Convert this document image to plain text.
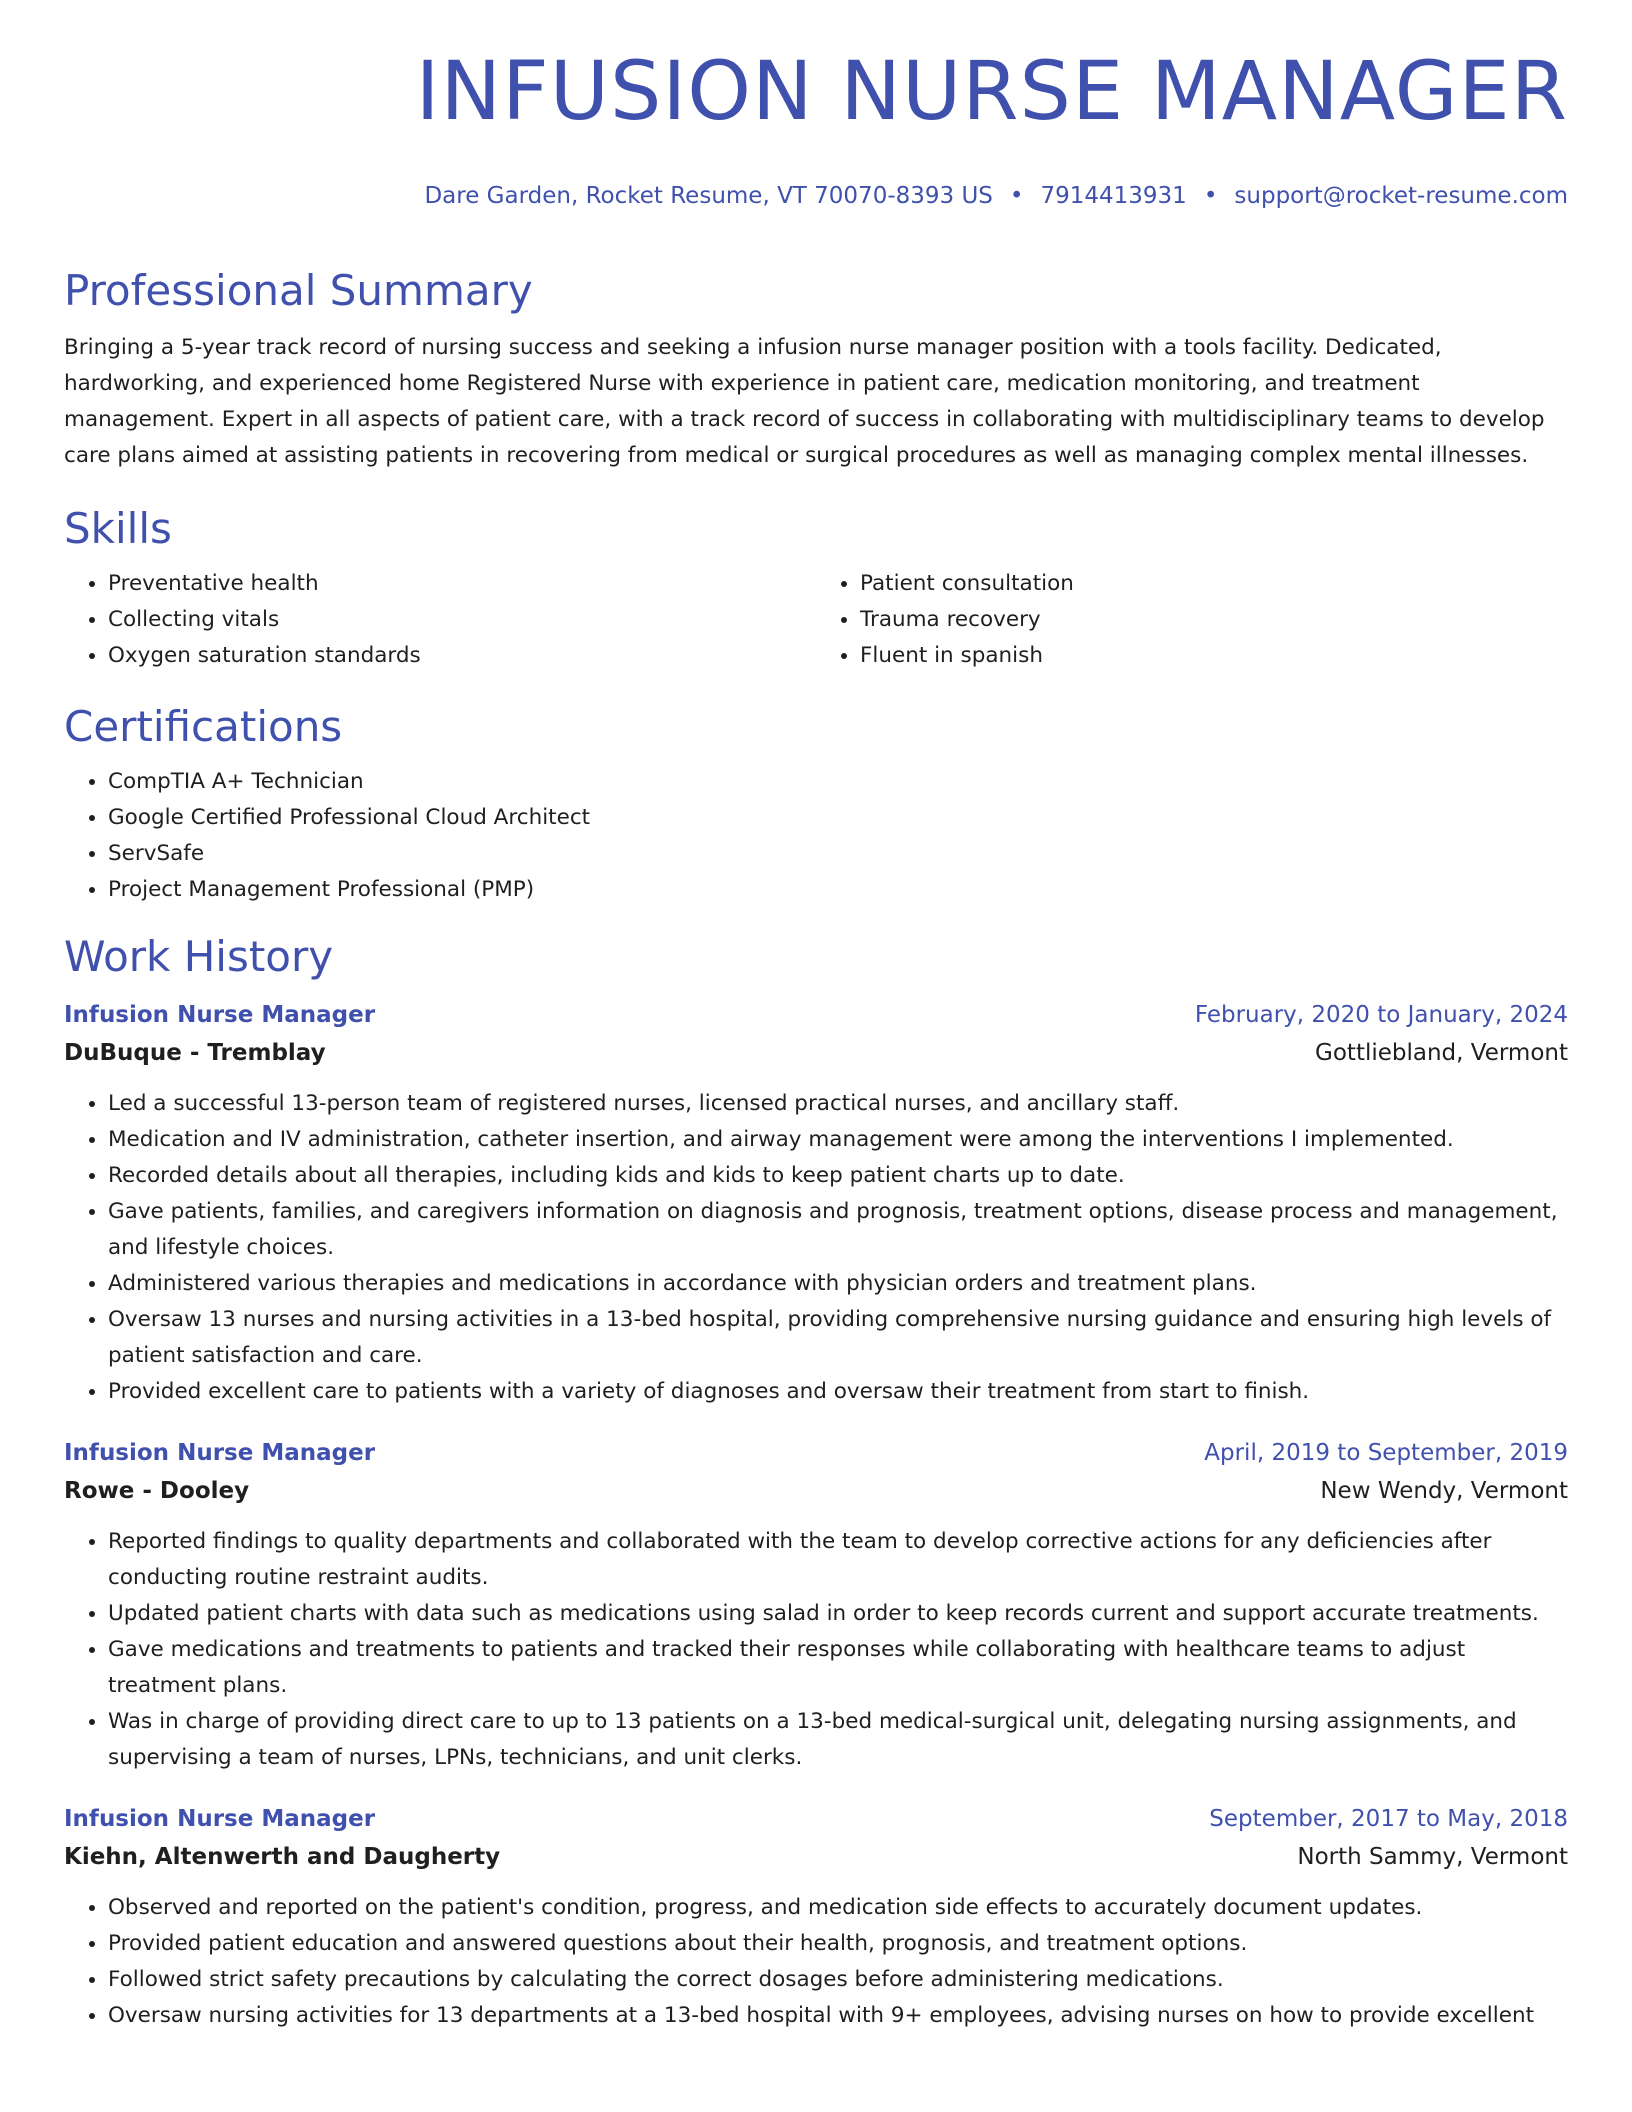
INFUSION NURSE MANAGER
Dare Garden, Rocket Resume, VT 70070-8393 US • 7914413931 • support@rocket-resume.com
Professional Summary

Bringing a 5-year track record of nursing success and seeking a infusion nurse manager position with a tools facility. Dedicated, hardworking, and experienced home Registered Nurse with experience in patient care, medication monitoring, and treatment management. Expert in all aspects of patient care, with a track record of success in collaborating with multidisciplinary teams to develop care plans aimed at assisting patients in recovering from medical or surgical procedures as well as managing complex mental illnesses.

Skills
• Preventative health
• Collecting vitals
• Oxygen saturation standards
• Patient consultation
• Trauma recovery
• Fluent in spanish
Certifications
• CompTIA A+ Technician
• Google Certified Professional Cloud Architect
• ServSafe
• Project Management Professional (PMP)
Work History
Infusion Nurse Manager	February, 2020 to January, 2024
DuBuque - Tremblay	Gottliebland, Vermont
• Led a successful 13-person team of registered nurses, licensed practical nurses, and ancillary staff.
• Medication and IV administration, catheter insertion, and airway management were among the interventions I implemented.
• Recorded details about all therapies, including kids and kids to keep patient charts up to date.
• Gave patients, families, and caregivers information on diagnosis and prognosis, treatment options, disease process and management, and lifestyle choices.
• Administered various therapies and medications in accordance with physician orders and treatment plans.
• Oversaw 13 nurses and nursing activities in a 13-bed hospital, providing comprehensive nursing guidance and ensuring high levels of patient satisfaction and care.
• Provided excellent care to patients with a variety of diagnoses and oversaw their treatment from start to finish.
Infusion Nurse Manager	April, 2019 to September, 2019
Rowe - Dooley	New Wendy, Vermont
• Reported findings to quality departments and collaborated with the team to develop corrective actions for any deficiencies after conducting routine restraint audits.
• Updated patient charts with data such as medications using salad in order to keep records current and support accurate treatments.
• Gave medications and treatments to patients and tracked their responses while collaborating with healthcare teams to adjust treatment plans.
• Was in charge of providing direct care to up to 13 patients on a 13-bed medical-surgical unit, delegating nursing assignments, and supervising a team of nurses, LPNs, technicians, and unit clerks.
Infusion Nurse Manager	September, 2017 to May, 2018
Kiehn, Altenwerth and Daugherty	North Sammy, Vermont
• Observed and reported on the patient's condition, progress, and medication side effects to accurately document updates.
• Provided patient education and answered questions about their health, prognosis, and treatment options.
• Followed strict safety precautions by calculating the correct dosages before administering medications.
• Oversaw nursing activities for 13 departments at a 13-bed hospital with 9+ employees, advising nurses on how to provide excellent
